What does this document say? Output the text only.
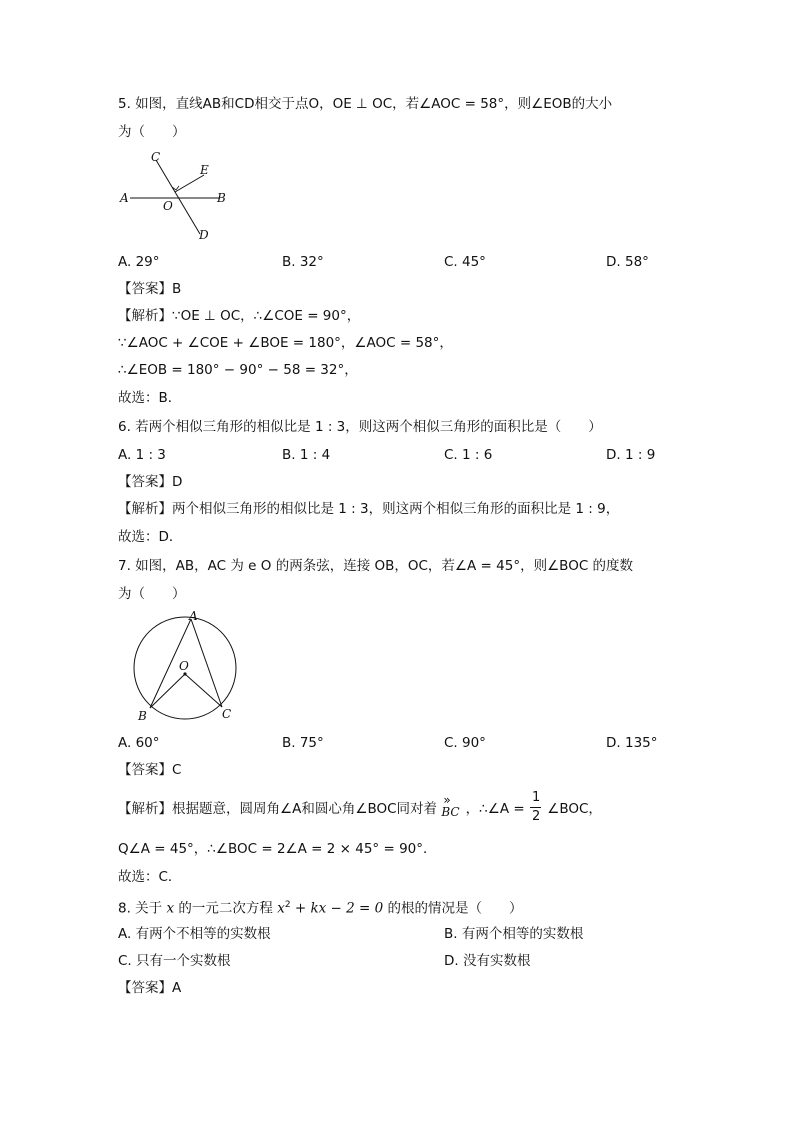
5. 如图，直线AB和CD相交于点O，OE ⊥ OC，若∠AOC = 58°，则∠EOB的大小
为（　　）
C
E
A	B
O
D
A. 29°	B. 32°	C. 45°	D. 58°
【答案】B
【解析】∵OE ⊥ OC，∴∠COE = 90°，
∵∠AOC + ∠COE + ∠BOE = 180°，∠AOC = 58°，
∴∠EOB = 180° − 90° − 58 = 32°，
故选：B．
6. 若两个相似三角形的相似比是 1 : 3，则这两个相似三角形的面积比是（　　）
A. 1 : 3	B. 1 : 4	C. 1 : 6	D. 1 : 9
【答案】D
【解析】两个相似三角形的相似比是 1 : 3，则这两个相似三角形的面积比是 1 : 9，
故选：D．
7. 如图，AB，AC 为 e O 的两条弦，连接 OB，OC，若∠A = 45°，则∠BOC 的度数
为（　　）
A
O
B	C
A. 60°	B. 75°	C. 90°	D. 135°
【答案】C
【解析】根据题意，圆周角∠A和圆心角∠BOC同对着
»
BC ，∴∠A = $\frac{1}{2}$ ∠BOC，
Q∠A = 45°，∴∠BOC = 2∠A = 2 × 45° = 90°．
故选：C．
8. 关于 x 的一元二次方程 $x^2$ + kx − 2 = 0 的根的情况是（　　）
A. 有两个不相等的实数根	B. 有两个相等的实数根
C. 只有一个实数根	D. 没有实数根
【答案】A
